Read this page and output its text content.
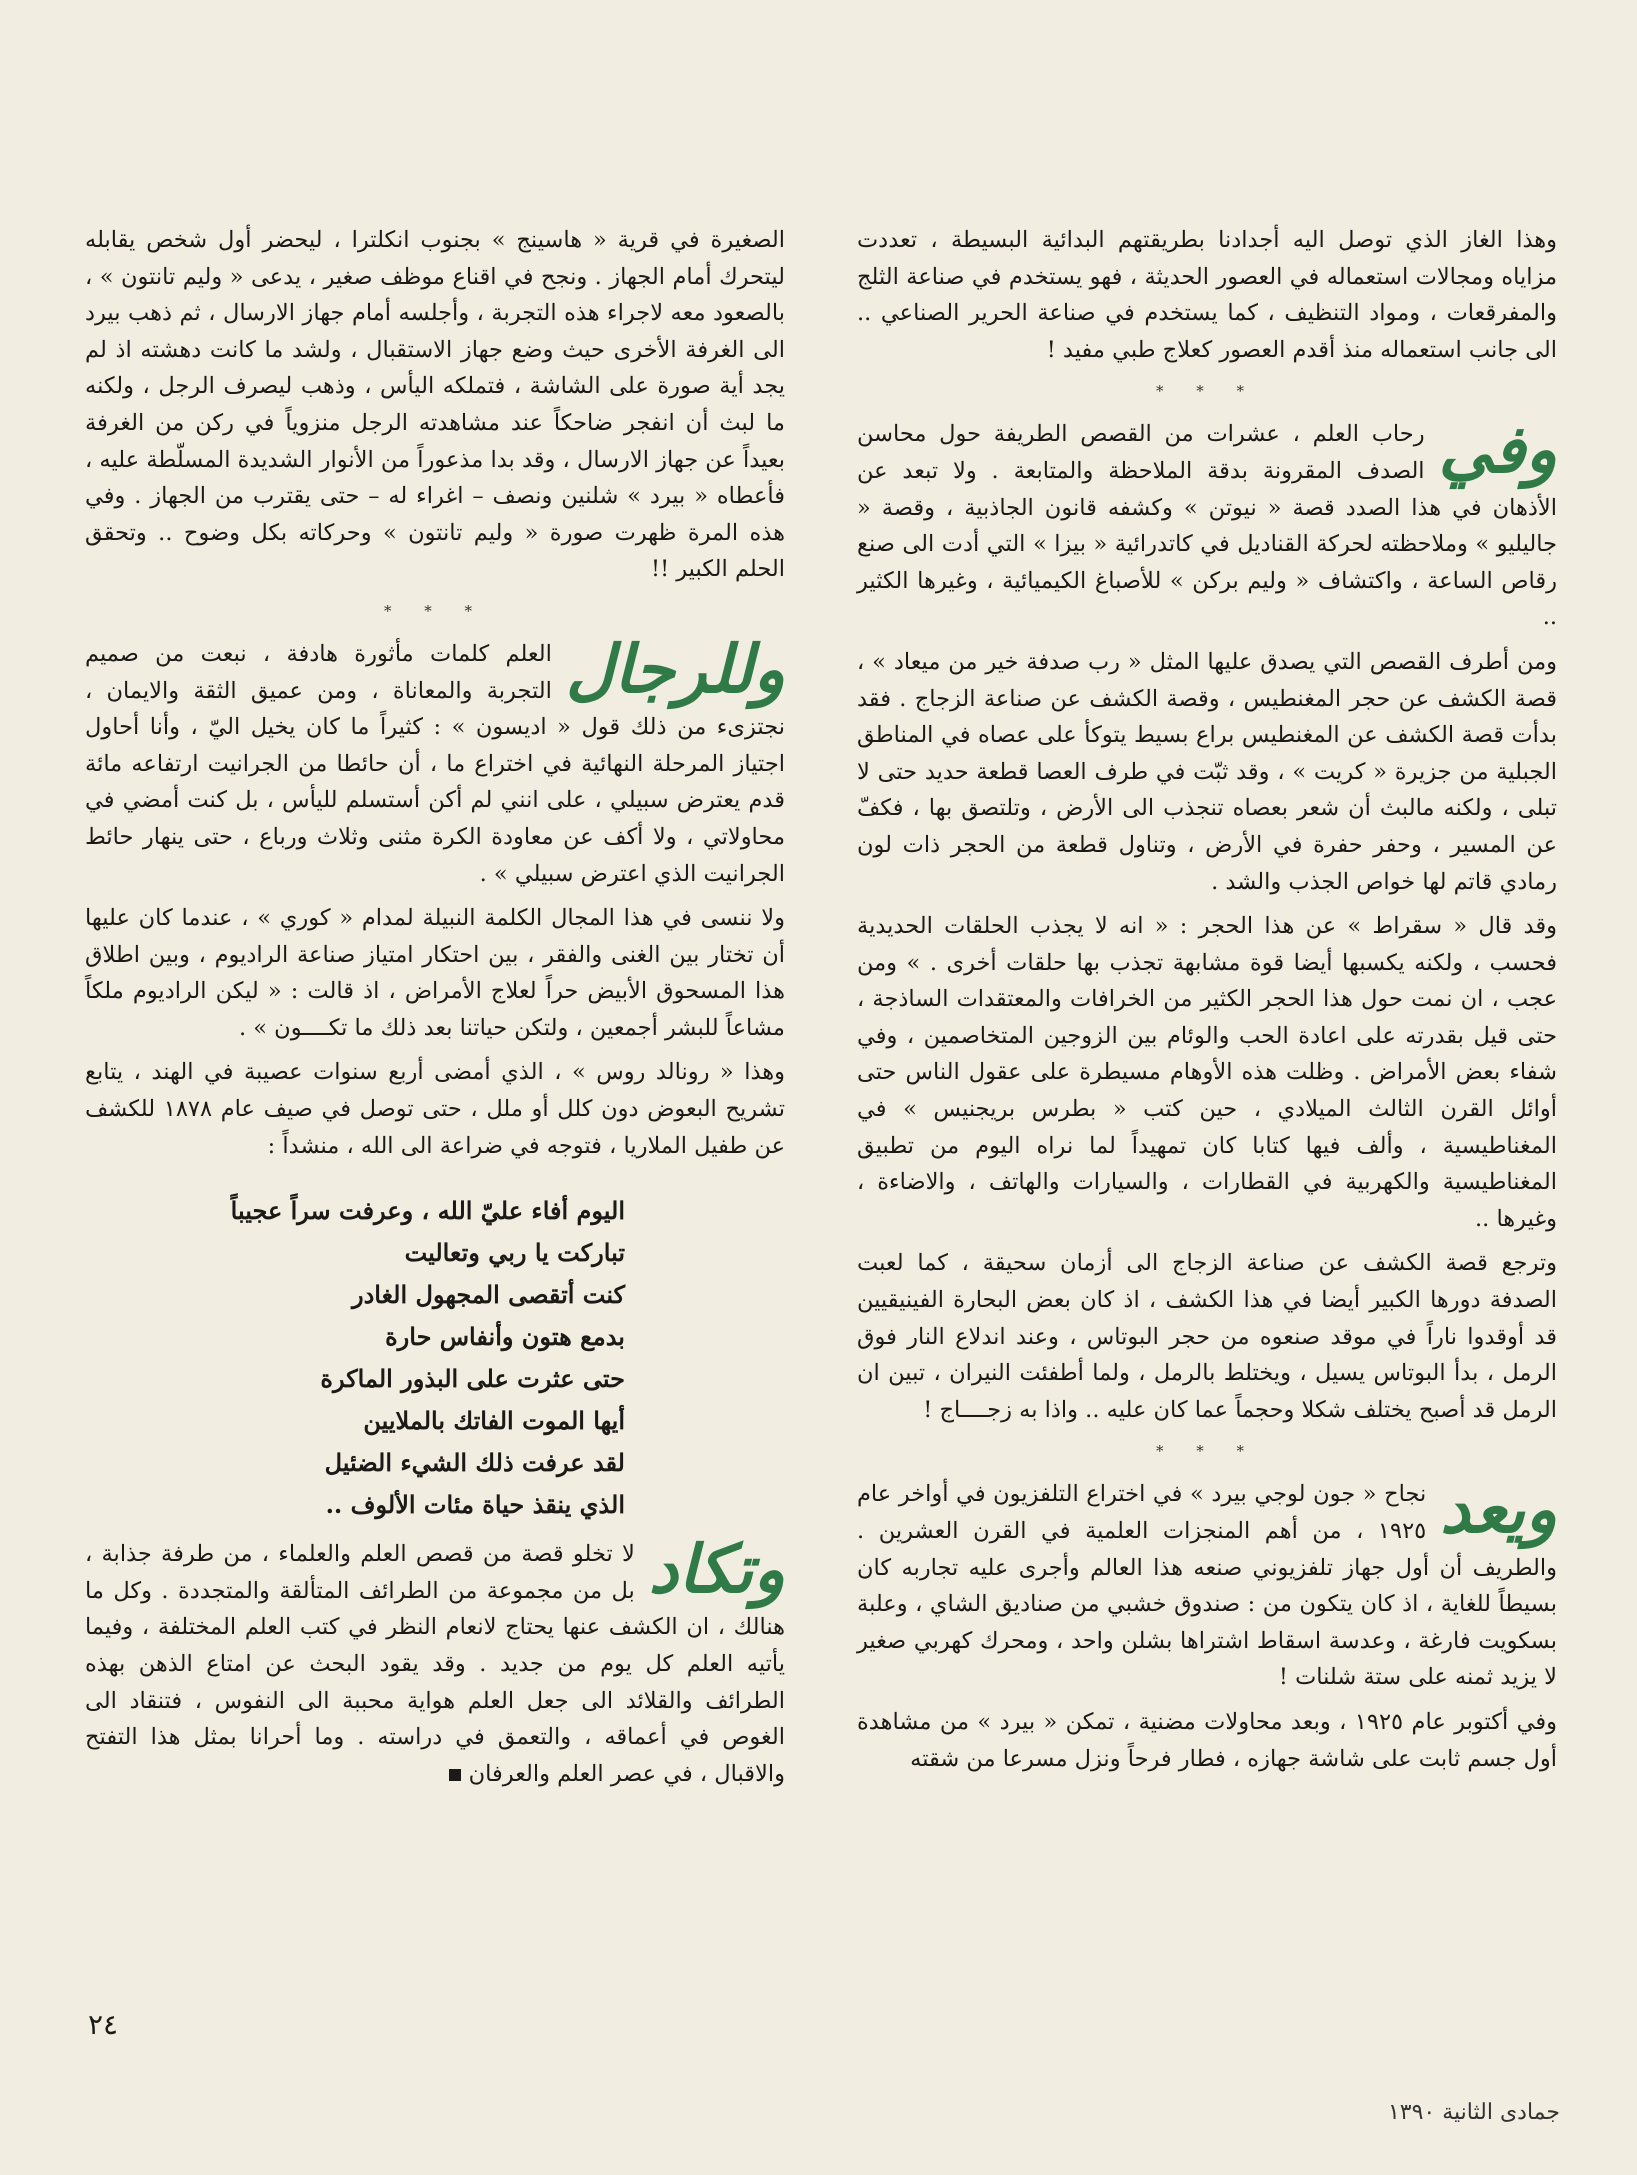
وهذا الغاز الذي توصل اليه أجدادنا بطريقتهم البدائية البسيطة ، تعددت مزاياه ومجالات استعماله في العصور الحديثة ، فهو يستخدم في صناعة الثلج والمفرقعات ، ومواد التنظيف ، كما يستخدم في صناعة الحرير الصناعي .. الى جانب استعماله منذ أقدم العصور كعلاج طبي مفيد !

* * *

وفي
رحاب العلم ، عشرات من القصص الطريفة حول محاسن الصدف المقرونة بدقة الملاحظة والمتابعة . ولا تبعد عن الأذهان في هذا الصدد قصة « نيوتن » وكشفه قانون الجاذبية ، وقصة « جاليليو » وملاحظته لحركة القناديل في كاتدرائية « بيزا » التي أدت الى صنع رقاص الساعة ، واكتشاف « وليم بركن » للأصباغ الكيميائية ، وغيرها الكثير ..

ومن أطرف القصص التي يصدق عليها المثل « رب صدفة خير من ميعاد » ، قصة الكشف عن حجر المغنطيس ، وقصة الكشف عن صناعة الزجاج . فقد بدأت قصة الكشف عن المغنطيس براع بسيط يتوكأ على عصاه في المناطق الجبلية من جزيرة « كريت » ، وقد ثبّت في طرف العصا قطعة حديد حتى لا تبلى ، ولكنه مالبث أن شعر بعصاه تنجذب الى الأرض ، وتلتصق بها ، فكفّ عن المسير ، وحفر حفرة في الأرض ، وتناول قطعة من الحجر ذات لون رمادي قاتم لها خواص الجذب والشد .

وقد قال « سقراط » عن هذا الحجر : « انه لا يجذب الحلقات الحديدية فحسب ، ولكنه يكسبها أيضا قوة مشابهة تجذب بها حلقات أخرى . » ومن عجب ، ان نمت حول هذا الحجر الكثير من الخرافات والمعتقدات الساذجة ، حتى قيل بقدرته على اعادة الحب والوئام بين الزوجين المتخاصمين ، وفي شفاء بعض الأمراض . وظلت هذه الأوهام مسيطرة على عقول الناس حتى أوائل القرن الثالث الميلادي ، حين كتب « بطرس بريجنيس » في المغناطيسية ، وألف فيها كتابا كان تمهيداً لما نراه اليوم من تطبيق المغناطيسية والكهربية في القطارات ، والسيارات والهاتف ، والاضاءة ، وغيرها ..

وترجع قصة الكشف عن صناعة الزجاج الى أزمان سحيقة ، كما لعبت الصدفة دورها الكبير أيضا في هذا الكشف ، اذ كان بعض البحارة الفينيقيين قد أوقدوا ناراً في موقد صنعوه من حجر البوتاس ، وعند اندلاع النار فوق الرمل ، بدأ البوتاس يسيل ، ويختلط بالرمل ، ولما أطفئت النيران ، تبين ان الرمل قد أصبح يختلف شكلا وحجماً عما كان عليه .. واذا به زجــــاج !

* * *

ويعد
نجاح « جون لوجي بيرد » في اختراع التلفزيون في أواخر عام ١٩٢٥ ، من أهم المنجزات العلمية في القرن العشرين . والطريف أن أول جهاز تلفزيوني صنعه هذا العالم وأجرى عليه تجاربه كان بسيطاً للغاية ، اذ كان يتكون من : صندوق خشبي من صناديق الشاي ، وعلبة بسكويت فارغة ، وعدسة اسقاط اشتراها بشلن واحد ، ومحرك كهربي صغير لا يزيد ثمنه على ستة شلنات !

وفي أكتوبر عام ١٩٢٥ ، وبعد محاولات مضنية ، تمكن « بيرد » من مشاهدة أول جسم ثابت على شاشة جهازه ، فطار فرحاً ونزل مسرعا من شقته

الصغيرة في قرية « هاسينج » بجنوب انكلترا ، ليحضر أول شخص يقابله ليتحرك أمام الجهاز . ونجح في اقناع موظف صغير ، يدعى « وليم تانتون » ، بالصعود معه لاجراء هذه التجربة ، وأجلسه أمام جهاز الارسال ، ثم ذهب بيرد الى الغرفة الأخرى حيث وضع جهاز الاستقبال ، ولشد ما كانت دهشته اذ لم يجد أية صورة على الشاشة ، فتملكه اليأس ، وذهب ليصرف الرجل ، ولكنه ما لبث أن انفجر ضاحكاً عند مشاهدته الرجل منزوياً في ركن من الغرفة بعيداً عن جهاز الارسال ، وقد بدا مذعوراً من الأنوار الشديدة المسلّطة عليه ، فأعطاه « بيرد » شلنين ونصف – اغراء له – حتى يقترب من الجهاز . وفي هذه المرة ظهرت صورة « وليم تانتون » وحركاته بكل وضوح .. وتحقق الحلم الكبير !!

* * *

وللرجال
العلم كلمات مأثورة هادفة ، نبعت من صميم التجربة والمعاناة ، ومن عميق الثقة والايمان ، نجتزىء من ذلك قول « اديسون » : كثيراً ما كان يخيل اليّ ، وأنا أحاول اجتياز المرحلة النهائية في اختراع ما ، أن حائطا من الجرانيت ارتفاعه مائة قدم يعترض سبيلي ، على انني لم أكن أستسلم لليأس ، بل كنت أمضي في محاولاتي ، ولا أكف عن معاودة الكرة مثنى وثلاث ورباع ، حتى ينهار حائط الجرانيت الذي اعترض سبيلي » .

ولا ننسى في هذا المجال الكلمة النبيلة لمدام « كوري » ، عندما كان عليها أن تختار بين الغنى والفقر ، بين احتكار امتياز صناعة الراديوم ، وبين اطلاق هذا المسحوق الأبيض حراً لعلاج الأمراض ، اذ قالت : « ليكن الراديوم ملكاً مشاعاً للبشر أجمعين ، ولتكن حياتنا بعد ذلك ما تكــــون » .

وهذا « رونالد روس » ، الذي أمضى أربع سنوات عصيبة في الهند ، يتابع تشريح البعوض دون كلل أو ملل ، حتى توصل في صيف عام ١٨٧٨ للكشف عن طفيل الملاريا ، فتوجه في ضراعة الى الله ، منشداً :

اليوم أفاء عليّ الله ، وعرفت سراً عجيباً
تباركت يا ربي وتعاليت
كنت أتقصى المجهول الغادر
بدمع هتون وأنفاس حارة
حتى عثرت على البذور الماكرة
أيها الموت الفاتك بالملايين
لقد عرفت ذلك الشيء الضئيل
الذي ينقذ حياة مئات الألوف ..

وتكاد
لا تخلو قصة من قصص العلم والعلماء ، من طرفة جذابة ، بل من مجموعة من الطرائف المتألقة والمتجددة . وكل ما هنالك ، ان الكشف عنها يحتاج لانعام النظر في كتب العلم المختلفة ، وفيما يأتيه العلم كل يوم من جديد . وقد يقود البحث عن امتاع الذهن بهذه الطرائف والقلائد الى جعل العلم هواية محببة الى النفوس ، فتنقاد الى الغوص في أعماقه ، والتعمق في دراسته . وما أحرانا بمثل هذا التفتح والاقبال ، في عصر العلم والعرفان

٢٤
جمادى الثانية ١٣٩٠
